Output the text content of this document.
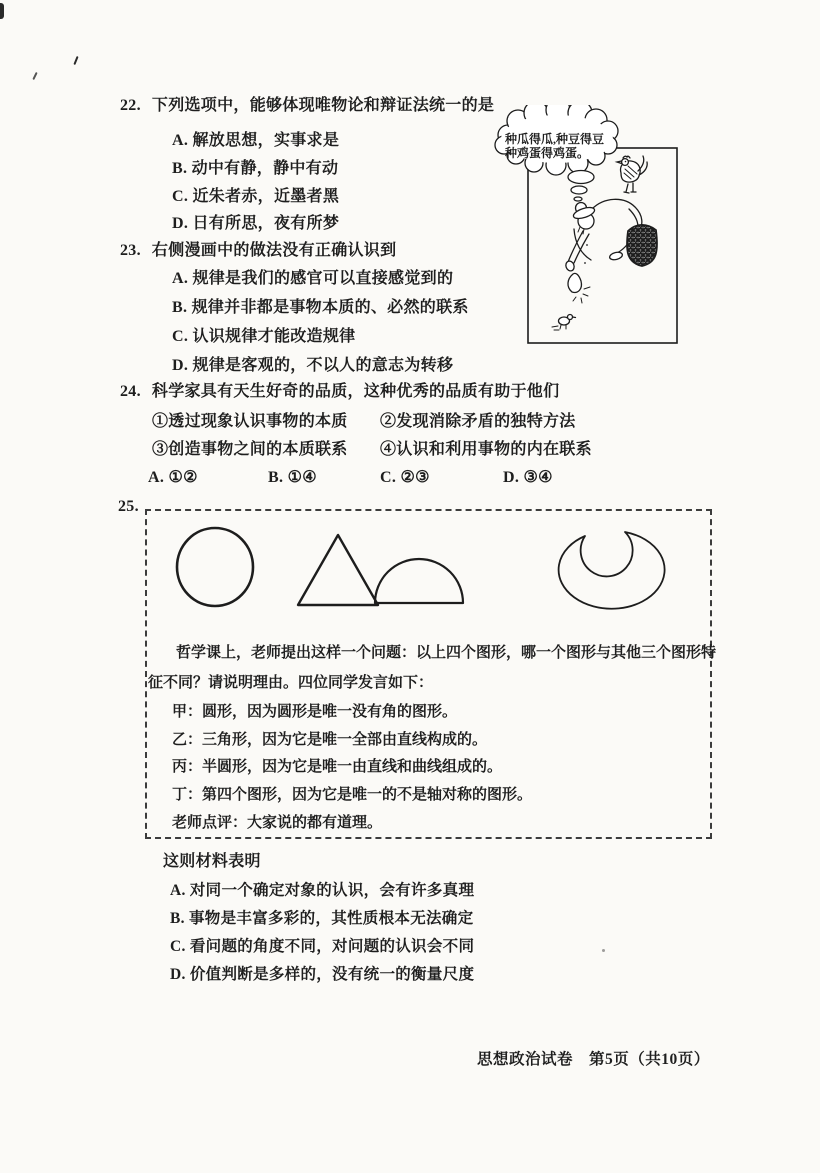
22. 下列选项中，能够体现唯物论和辩证法统一的是
A. 解放思想，实事求是
B. 动中有静，静中有动
C. 近朱者赤，近墨者黑
D. 日有所思，夜有所梦
23. 右侧漫画中的做法没有正确认识到
A. 规律是我们的感官可以直接感觉到的
B. 规律并非都是事物本质的、必然的联系
C. 认识规律才能改造规律
D. 规律是客观的，不以人的意志为转移
24. 科学家具有天生好奇的品质，这种优秀的品质有助于他们
①透过现象认识事物的本质 ②发现消除矛盾的独特方法
③创造事物之间的本质联系 ④认识和利用事物的内在联系
A. ①②	B. ①④	C. ②③	D. ③④
25.
哲学课上，老师提出这样一个问题：以上四个图形，哪一个图形与其他三个图形特
征不同？请说明理由。四位同学发言如下：
甲：圆形，因为圆形是唯一没有角的图形。
乙：三角形，因为它是唯一全部由直线构成的。
丙：半圆形，因为它是唯一由直线和曲线组成的。
丁：第四个图形，因为它是唯一的不是轴对称的图形。
老师点评：大家说的都有道理。
这则材料表明
A. 对同一个确定对象的认识，会有许多真理
B. 事物是丰富多彩的，其性质根本无法确定
C. 看问题的角度不同，对问题的认识会不同
D. 价值判断是多样的，没有统一的衡量尺度
思想政治试卷　第5页（共10页）
种瓜得瓜,种豆得豆
种鸡蛋得鸡蛋。
